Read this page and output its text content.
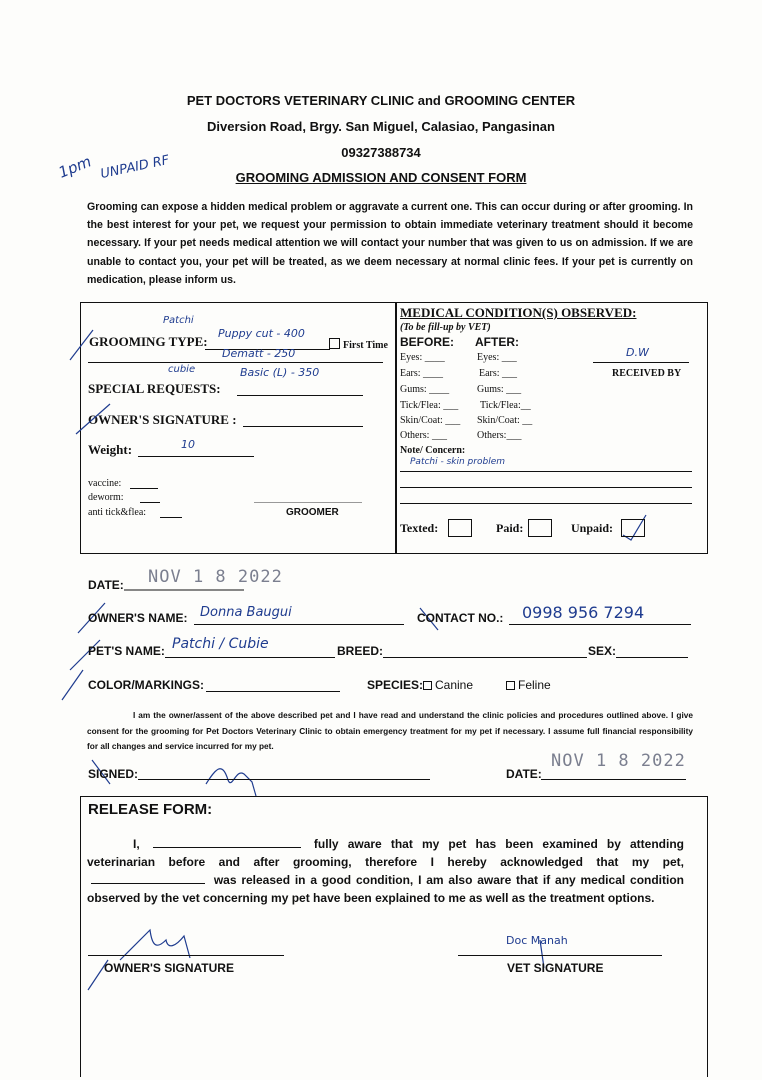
PET DOCTORS VETERINARY CLINIC and GROOMING CENTER
Diversion Road, Brgy. San Miguel, Calasiao, Pangasinan
09327388734
GROOMING ADMISSION AND CONSENT FORM
1pm UNPAID RF
Grooming can expose a hidden medical problem or aggravate a current one. This can occur during or after grooming. In the best interest for your pet, we request your permission to obtain immediate veterinary treatment should it become necessary. If your pet needs medical attention we will contact your number that was given to us on admission. If we are unable to contact you, your pet will be treated, as we deem necessary at normal clinic fees. If your pet is currently on medication, please inform us.
Patchi
GROOMING TYPE:
Puppy cut - 400
First Time
Dematt - 250
cubie	Basic (L) - 350
SPECIAL REQUESTS:
OWNER'S SIGNATURE :
Weight:	10
vaccine:
deworm:
anti tick&flea:	GROOMER
MEDICAL CONDITION(S) OBSERVED:
(To be fill-up by VET)
BEFORE: AFTER:
Eyes: ____	Eyes: ___
Ears: ____	Ears: ___
Gums: ____	Gums: ___
Tick/Flea: ___ Tick/Flea:__
Skin/Coat: ___ Skin/Coat: __
Others: ___	Others:___
D.W
RECEIVED BY
Note/ Concern:
Patchi - skin problem
Texted:	Paid:	Unpaid:
DATE: NOV 1 8 2022
OWNER'S NAME: Donna Baugui	CONTACT NO.: 0998 956 7294
PET'S NAME: Patchi / Cubie	BREED:	SEX:
COLOR/MARKINGS:	SPECIES: Canine	Feline
I am the owner/assent of the above described pet and I have read and understand the clinic policies and procedures outlined above. I give consent for the grooming for Pet Doctors Veterinary Clinic to obtain emergency treatment for my pet if necessary. I assume full financial responsibility for all changes and service incurred for my pet.
SIGNED:	DATE:
NOV 1 8 2022
RELEASE FORM:
I,	fully aware that my pet has been examined by attending veterinarian before and after grooming, therefore I hereby acknowledged that my pet,  was released in a good condition, I am also aware that if any medical condition observed by the vet concerning my pet have been explained to me as well as the treatment options.
OWNER'S SIGNATURE
Doc Manah
VET SIGNATURE
